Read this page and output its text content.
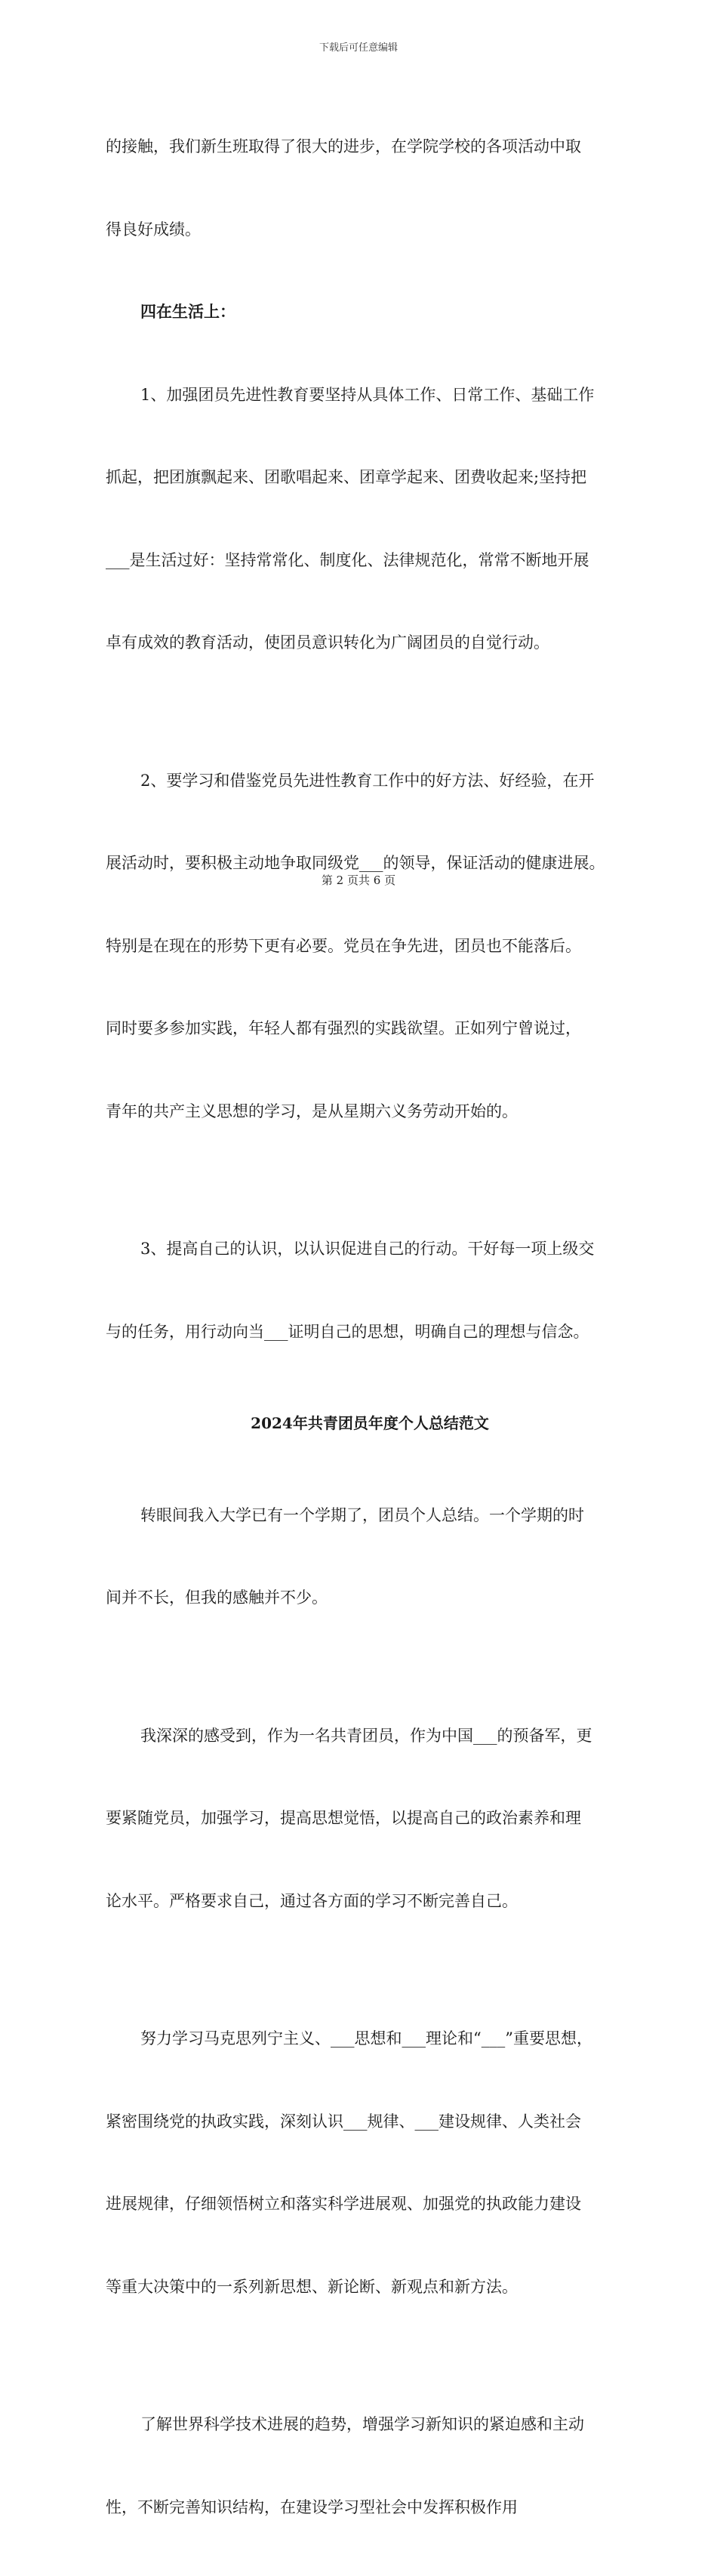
下载后可任意编辑

的接触，我们新生班取得了很大的进步，在学院学校的各项活动中取

得良好成绩。

四在生活上：

1、加强团员先进性教育要坚持从具体工作、日常工作、基础工作

抓起，把团旗飘起来、团歌唱起来、团章学起来、团费收起来;坚持把

___是生活过好：坚持常常化、制度化、法律规范化，常常不断地开展

卓有成效的教育活动，使团员意识转化为广阔团员的自觉行动。

2、要学习和借鉴党员先进性教育工作中的好方法、好经验，在开

展活动时，要积极主动地争取同级党___的领导，保证活动的健康进展。

特别是在现在的形势下更有必要。党员在争先进，团员也不能落后。

同时要多参加实践，年轻人都有强烈的实践欲望。正如列宁曾说过，

青年的共产主义思想的学习，是从星期六义务劳动开始的。

3、提高自己的认识，以认识促进自己的行动。干好每一项上级交

与的任务，用行动向当___证明自己的思想，明确自己的理想与信念。

2024年共青团员年度个人总结范文

转眼间我入大学已有一个学期了，团员个人总结。一个学期的时

间并不长，但我的感触并不少。

我深深的感受到，作为一名共青团员，作为中国___的预备军，更

要紧随党员，加强学习，提高思想觉悟，以提高自己的政治素养和理

论水平。严格要求自己，通过各方面的学习不断完善自己。

努力学习马克思列宁主义、___思想和___理论和“___”重要思想，

紧密围绕党的执政实践，深刻认识___规律、___建设规律、人类社会

进展规律，仔细领悟树立和落实科学进展观、加强党的执政能力建设

等重大决策中的一系列新思想、新论断、新观点和新方法。

了解世界科学技术进展的趋势，增强学习新知识的紧迫感和主动

性，不断完善知识结构，在建设学习型社会中发挥积极作用

第 2 页共 6 页
